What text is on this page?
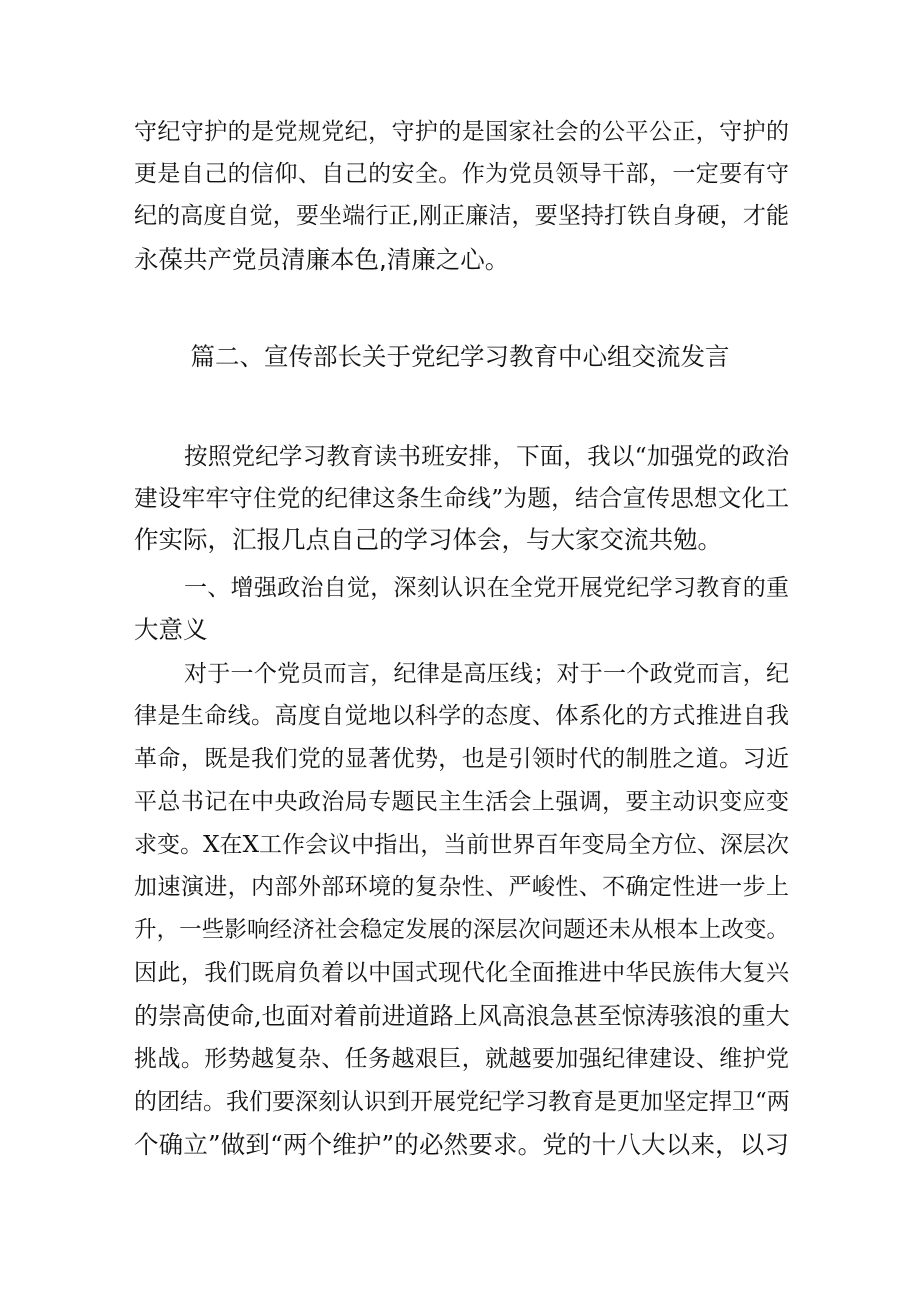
守纪守护的是党规党纪，守护的是国家社会的公平公正，守护的
更是自己的信仰、自己的安全。作为党员领导干部，一定要有守
纪的高度自觉，要坐端行正,刚正廉洁，要坚持打铁自身硬，才能
永葆共产党员清廉本色,清廉之心。
篇二、宣传部长关于党纪学习教育中心组交流发言
按照党纪学习教育读书班安排，下面，我以“加强党的政治
建设牢牢守住党的纪律这条生命线”为题，结合宣传思想文化工
作实际，汇报几点自己的学习体会，与大家交流共勉。
一、增强政治自觉，深刻认识在全党开展党纪学习教育的重
大意义
对于一个党员而言，纪律是高压线；对于一个政党而言，纪
律是生命线。高度自觉地以科学的态度、体系化的方式推进自我
革命，既是我们党的显著优势，也是引领时代的制胜之道。习近
平总书记在中央政治局专题民主生活会上强调，要主动识变应变
求变。X在X工作会议中指出，当前世界百年变局全方位、深层次
加速演进，内部外部环境的复杂性、严峻性、不确定性进一步上
升，一些影响经济社会稳定发展的深层次问题还未从根本上改变。
因此，我们既肩负着以中国式现代化全面推进中华民族伟大复兴
的崇高使命,也面对着前进道路上风高浪急甚至惊涛骇浪的重大
挑战。形势越复杂、任务越艰巨，就越要加强纪律建设、维护党
的团结。我们要深刻认识到开展党纪学习教育是更加坚定捍卫“两
个确立”做到“两个维护”的必然要求。党的十八大以来，以习
